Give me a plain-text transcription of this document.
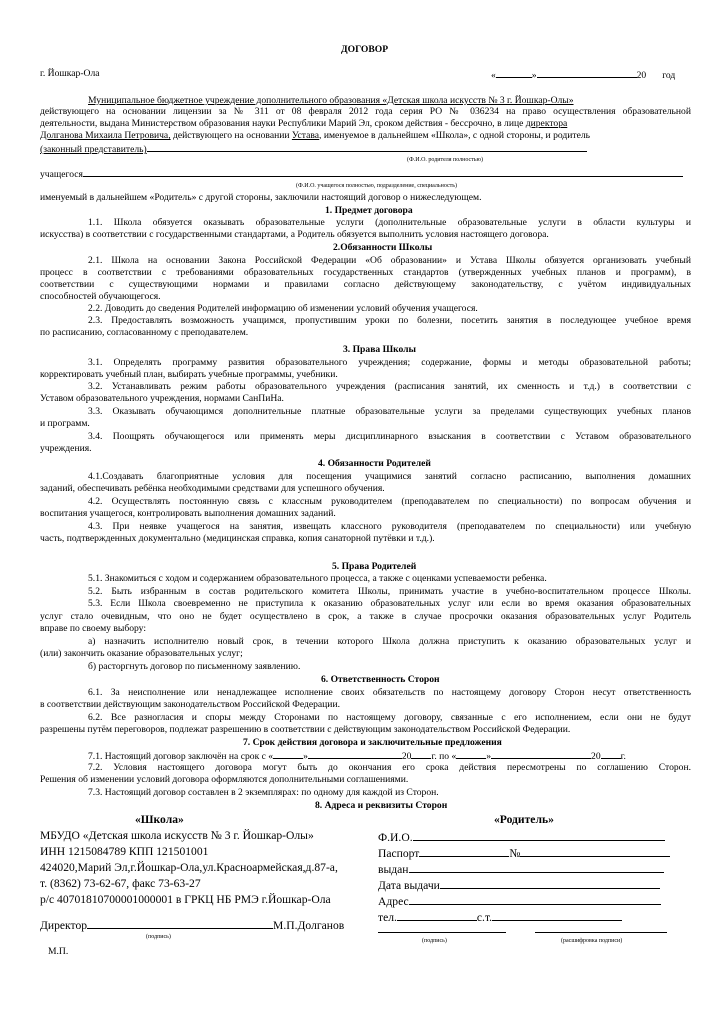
ДОГОВОР
г. Йошкар-Ола	«	»	20 год
Муниципальное бюджетное учреждение дополнительного образования «Детская школа искусств № 3 г. Йошкар-Олы»
действующего на основании лицензии за № 311 от 08 февраля 2012 года серия РО № 036234 на право осуществления образовательной
деятельности, выдана Министерством образования науки Республики Марий Эл, сроком действия - бессрочно, в лице директора
Долганова Михаила Петровича, действующего на основании Устава, именуемое в дальнейшем «Школа», с одной стороны, и родитель
(законный представитель)
(Ф.И.О. родителя полностью)
учащегося
(Ф.И.О. учащегося полностью, подразделение, специальность)
именуемый в дальнейшем «Родитель» с другой стороны, заключили настоящий договор о нижеследующем.
1. Предмет договора
1.1. Школа обязуется оказывать образовательные услуги (дополнительные образовательные услуги в области культуры и
искусства) в соответствии с государственными стандартами, а Родитель обязуется выполнить условия настоящего договора.
2.Обязанности Школы
2.1. Школа на основании Закона Российской Федерации «Об образовании» и Устава Школы обязуется организовать учебный
процесс в соответствии с требованиями образовательных государственных стандартов (утвержденных учебных планов и программ), в
соответствии с существующими нормами и правилами согласно действующему законодательству, с учётом индивидуальных
способностей обучающегося.
2.2. Доводить до сведения Родителей информацию об изменении условий обучения учащегося.
2.3. Предоставлять возможность учащимся, пропустившим уроки по болезни, посетить занятия в последующее учебное время
по расписанию, согласованному с преподавателем.
3. Права Школы
3.1. Определять программу развития образовательного учреждения; содержание, формы и методы образовательной работы;
корректировать учебный план, выбирать учебные программы, учебники.
3.2. Устанавливать режим работы образовательного учреждения (расписания занятий, их сменность и т.д.) в соответствии с
Уставом образовательного учреждения, нормами СанПиНа.
3.3. Оказывать обучающимся дополнительные платные образовательные услуги за пределами существующих учебных планов
и программ.
3.4. Поощрять обучающегося или применять меры дисциплинарного взыскания в соответствии с Уставом образовательного
учреждения.
4. Обязанности Родителей
4.1.Создавать благоприятные условия для посещения учащимися занятий согласно расписанию, выполнения домашних
заданий, обеспечивать ребёнка необходимыми средствами для успешного обучения.
4.2. Осуществлять постоянную связь с классным руководителем (преподавателем по специальности) по вопросам обучения и
воспитания учащегося, контролировать выполнения домашних заданий.
4.3. При неявке учащегося на занятия, извещать классного руководителя (преподавателем по специальности) или учебную
часть, подтвержденных документально (медицинская справка, копия санаторной путёвки и т.д.).
5. Права Родителей
5.1. Знакомиться с ходом и содержанием образовательного процесса, а также с оценками успеваемости ребенка.
5.2. Быть избранным в состав родительского комитета Школы, принимать участие в учебно-воспитательном процессе Школы.
5.3. Если Школа своевременно не приступила к оказанию образовательных услуг или если во время оказания образовательных
услуг стало очевидным, что оно не будет осуществлено в срок, а также в случае просрочки оказания образовательных услуг Родитель
вправе по своему выбору:
а) назначить исполнителю новый срок, в течении которого Школа должна приступить к оказанию образовательных услуг и
(или) закончить оказание образовательных услуг;
б) расторгнуть договор по письменному заявлению.
6. Ответственность Сторон
6.1. За неисполнение или ненадлежащее исполнение своих обязательств по настоящему договору Сторон несут ответственность
в соответствии действующим законодательством Российской Федерации.
6.2. Все разногласия и споры между Сторонами по настоящему договору, связанные с его исполнением, если они не будут
разрешены путём переговоров, подлежат разрешению в соответствии с действующим законодательством Российской Федерации.
7. Срок действия договора и заключительные предложения
7.1. Настоящий договор заключён на срок с «	»	20 г. по «	»	20 г.
7.2. Условия настоящего договора могут быть до окончания его срока действия пересмотрены по соглашению Сторон.
Решения об изменении условий договора оформляются дополнительными соглашениями.
7.3. Настоящий договор составлен в 2 экземплярах: по одному для каждой из Сторон.
8. Адреса и реквизиты Сторон
«Школа»
МБУДО «Детская школа искусств № 3 г. Йошкар-Олы»
ИНН 1215084789 КПП 121501001
424020,Марий Эл,г.Йошкар-Ола,ул.Красноармейская,д.87-а,
т. (8362) 73-62-67, факс 73-63-27
р/с 40701810700001000001 в ГРКЦ НБ РМЭ г.Йошкар-Ола
Директор	М.П.Долганов
(подпись)
М.П.
«Родитель»
Ф.И.О.
Паспорт	№
выдан
Дата выдачи
Адрес
тел.	с.т.
(подпись)	(расшифровка подписи)
